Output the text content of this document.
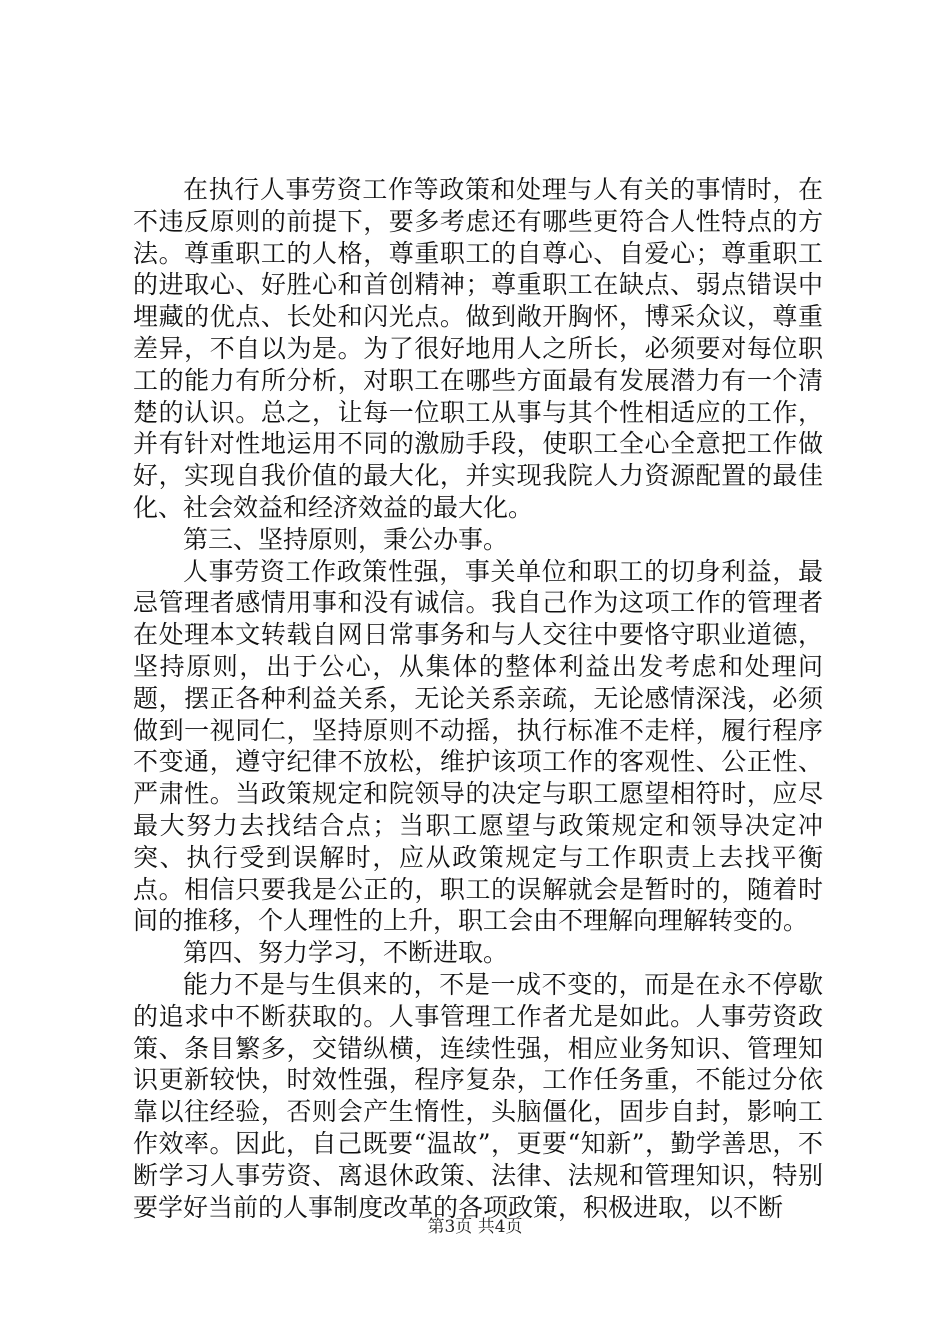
在执行人事劳资工作等政策和处理与人有关的事情时，在不违反原则的前提下，要多考虑还有哪些更符合人性特点的方法。尊重职工的人格，尊重职工的自尊心、自爱心；尊重职工的进取心、好胜心和首创精神；尊重职工在缺点、弱点错误中埋藏的优点、长处和闪光点。做到敞开胸怀，博采众议，尊重差异，不自以为是。为了很好地用人之所长，必须要对每位职工的能力有所分析，对职工在哪些方面最有发展潜力有一个清楚的认识。总之，让每一位职工从事与其个性相适应的工作，并有针对性地运用不同的激励手段，使职工全心全意把工作做好，实现自我价值的最大化，并实现我院人力资源配置的最佳化、社会效益和经济效益的最大化。

第三、坚持原则，秉公办事。

人事劳资工作政策性强，事关单位和职工的切身利益，最忌管理者感情用事和没有诚信。我自己作为这项工作的管理者在处理本文转载自网日常事务和与人交往中要恪守职业道德，坚持原则，出于公心，从集体的整体利益出发考虑和处理问题，摆正各种利益关系，无论关系亲疏，无论感情深浅，必须做到一视同仁，坚持原则不动摇，执行标准不走样，履行程序不变通，遵守纪律不放松，维护该项工作的客观性、公正性、严肃性。当政策规定和院领导的决定与职工愿望相符时，应尽最大努力去找结合点；当职工愿望与政策规定和领导决定冲突、执行受到误解时，应从政策规定与工作职责上去找平衡点。相信只要我是公正的，职工的误解就会是暂时的，随着时间的推移，个人理性的上升，职工会由不理解向理解转变的。

第四、努力学习，不断进取。

能力不是与生俱来的，不是一成不变的，而是在永不停歇的追求中不断获取的。人事管理工作者尤是如此。人事劳资政策、条目繁多，交错纵横，连续性强，相应业务知识、管理知识更新较快，时效性强，程序复杂，工作任务重，不能过分依靠以往经验，否则会产生惰性，头脑僵化，固步自封，影响工作效率。因此，自己既要“温故”，更要“知新”，勤学善思，不断学习人事劳资、离退休政策、法律、法规和管理知识，特别要学好当前的人事制度改革的各项政策，积极进取，以不断

第3页 共4页
